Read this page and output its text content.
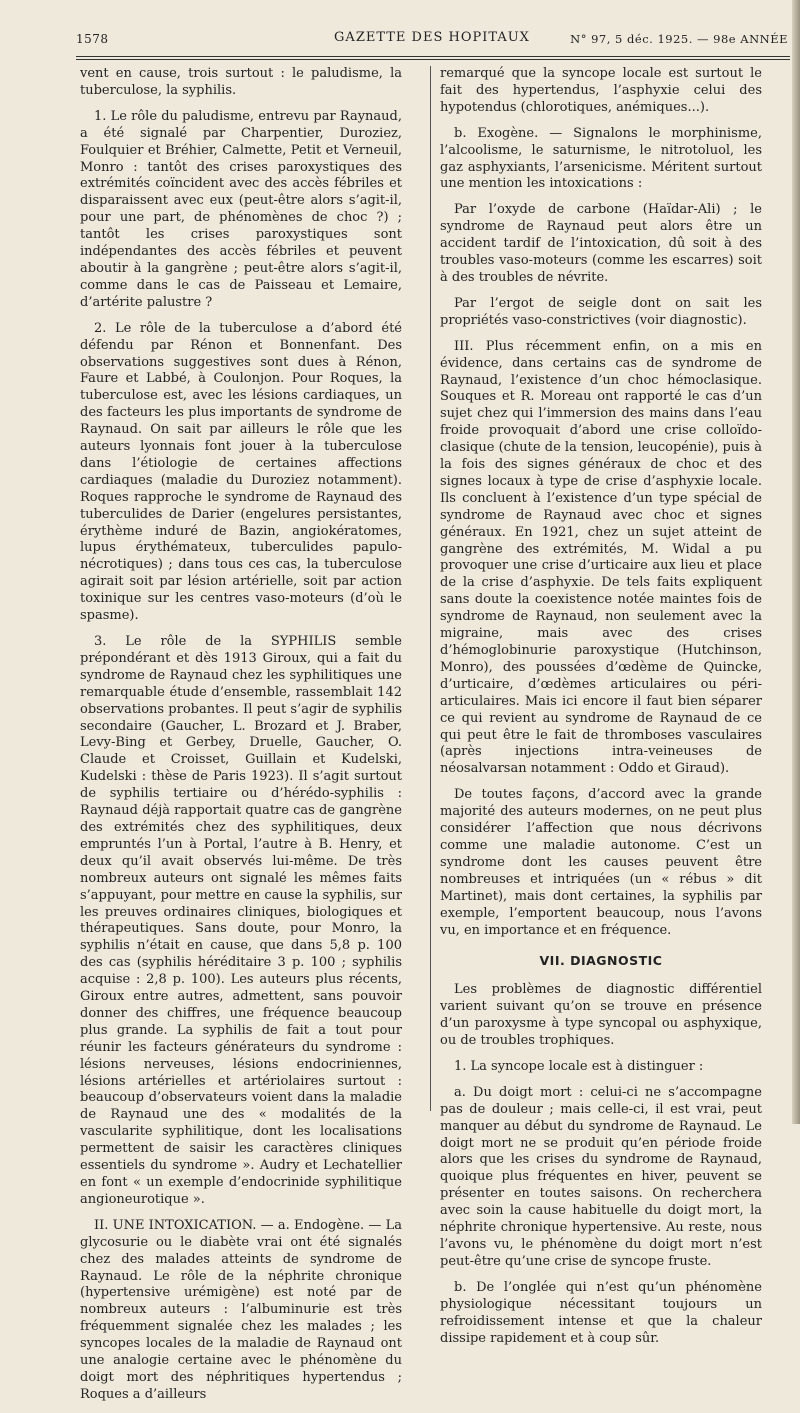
1578	GAZETTE DES HOPITAUX	N° 97, 5 déc. 1925. — 98e ANNÉE

vent en cause, trois surtout : le paludisme, la tuberculose, la syphilis.

1. Le rôle du paludisme, entrevu par Raynaud, a été signalé par Charpentier, Duroziez, Foulquier et Bréhier, Calmette, Petit et Verneuil, Monro : tantôt des crises paroxystiques des extrémités coïncident avec des accès fébriles et disparaissent avec eux (peut-être alors s’agit-il, pour une part, de phénomènes de choc ?) ; tantôt les crises paroxystiques sont indépendantes des accès fébriles et peuvent aboutir à la gangrène ; peut-être alors s’agit-il, comme dans le cas de Paisseau et Lemaire, d’artérite palustre ?

2. Le rôle de la tuberculose a d’abord été défendu par Rénon et Bonnenfant. Des observations suggestives sont dues à Rénon, Faure et Labbé, à Coulonjon. Pour Roques, la tuberculose est, avec les lésions cardiaques, un des facteurs les plus importants de syndrome de Raynaud. On sait par ailleurs le rôle que les auteurs lyonnais font jouer à la tuberculose dans l’étiologie de certaines affections cardiaques (maladie du Duroziez notamment). Roques rapproche le syndrome de Raynaud des tuberculides de Darier (engelures persistantes, érythème induré de Bazin, angiokératomes, lupus érythémateux, tuberculides papulo-nécrotiques) ; dans tous ces cas, la tuberculose agirait soit par lésion artérielle, soit par action toxinique sur les centres vaso-moteurs (d’où le spasme).

3. Le rôle de la SYPHILIS semble prépondérant et dès 1913 Giroux, qui a fait du syndrome de Raynaud chez les syphilitiques une remarquable étude d’ensemble, rassemblait 142 observations probantes. Il peut s’agir de syphilis secondaire (Gaucher, L. Brozard et J. Braber, Levy-Bing et Gerbey, Druelle, Gaucher, O. Claude et Croisset, Guillain et Kudelski, Kudelski : thèse de Paris 1923). Il s’agit surtout de syphilis tertiaire ou d’hérédo-syphilis : Raynaud déjà rapportait quatre cas de gangrène des extrémités chez des syphilitiques, deux empruntés l’un à Portal, l’autre à B. Henry, et deux qu’il avait observés lui-même. De très nombreux auteurs ont signalé les mêmes faits s’appuyant, pour mettre en cause la syphilis, sur les preuves ordinaires cliniques, biologiques et thérapeutiques. Sans doute, pour Monro, la syphilis n’était en cause, que dans 5,8 p. 100 des cas (syphilis héréditaire 3 p. 100 ; syphilis acquise : 2,8 p. 100). Les auteurs plus récents, Giroux entre autres, admettent, sans pouvoir donner des chiffres, une fréquence beaucoup plus grande. La syphilis de fait a tout pour réunir les facteurs générateurs du syndrome : lésions nerveuses, lésions endocriniennes, lésions artérielles et artériolaires surtout : beaucoup d’observateurs voient dans la maladie de Raynaud une des « modalités de la vascularite syphilitique, dont les localisations permettent de saisir les caractères cliniques essentiels du syndrome ». Audry et Lechatellier en font « un exemple d’endocrinide syphilitique angioneurotique ».

II. UNE INTOXICATION. — a. Endogène. — La glycosurie ou le diabète vrai ont été signalés chez des malades atteints de syndrome de Raynaud. Le rôle de la néphrite chronique (hypertensive urémigène) est noté par de nombreux auteurs : l’albuminurie est très fréquemment signalée chez les malades ; les syncopes locales de la maladie de Raynaud ont une analogie certaine avec le phénomène du doigt mort des néphritiques hypertendus ; Roques a d’ailleurs

remarqué que la syncope locale est surtout le fait des hypertendus, l’asphyxie celui des hypotendus (chlorotiques, anémiques...).

b. Exogène. — Signalons le morphinisme, l’alcoolisme, le saturnisme, le nitrotoluol, les gaz asphyxiants, l’arsenicisme. Méritent surtout une mention les intoxications :

Par l’oxyde de carbone (Haïdar-Ali) ; le syndrome de Raynaud peut alors être un accident tardif de l’intoxication, dû soit à des troubles vaso-moteurs (comme les escarres) soit à des troubles de névrite.

Par l’ergot de seigle dont on sait les propriétés vaso-constrictives (voir diagnostic).

III. Plus récemment enfin, on a mis en évidence, dans certains cas de syndrome de Raynaud, l’existence d’un choc hémoclasique. Souques et R. Moreau ont rapporté le cas d’un sujet chez qui l’immersion des mains dans l’eau froide provoquait d’abord une crise colloïdo-clasique (chute de la tension, leucopénie), puis à la fois des signes généraux de choc et des signes locaux à type de crise d’asphyxie locale. Ils concluent à l’existence d’un type spécial de syndrome de Raynaud avec choc et signes généraux. En 1921, chez un sujet atteint de gangrène des extrémités, M. Widal a pu provoquer une crise d’urticaire aux lieu et place de la crise d’asphyxie. De tels faits expliquent sans doute la coexistence notée maintes fois de syndrome de Raynaud, non seulement avec la migraine, mais avec des crises d’hémoglobinurie paroxystique (Hutchinson, Monro), des poussées d’œdème de Quincke, d’urticaire, d’œdèmes articulaires ou péri-articulaires. Mais ici encore il faut bien séparer ce qui revient au syndrome de Raynaud de ce qui peut être le fait de thromboses vasculaires (après injections intra-veineuses de néosalvarsan notamment : Oddo et Giraud).

De toutes façons, d’accord avec la grande majorité des auteurs modernes, on ne peut plus considérer l’affection que nous décrivons comme une maladie autonome. C’est un syndrome dont les causes peuvent être nombreuses et intriquées (un « rébus » dit Martinet), mais dont certaines, la syphilis par exemple, l’emportent beaucoup, nous l’avons vu, en importance et en fréquence.

VII. DIAGNOSTIC

Les problèmes de diagnostic différentiel varient suivant qu’on se trouve en présence d’un paroxysme à type syncopal ou asphyxique, ou de troubles trophiques.

1. La syncope locale est à distinguer :

a. Du doigt mort : celui-ci ne s’accompagne pas de douleur ; mais celle-ci, il est vrai, peut manquer au début du syndrome de Raynaud. Le doigt mort ne se produit qu’en période froide alors que les crises du syndrome de Raynaud, quoique plus fréquentes en hiver, peuvent se présenter en toutes saisons. On recherchera avec soin la cause habituelle du doigt mort, la néphrite chronique hypertensive. Au reste, nous l’avons vu, le phénomène du doigt mort n’est peut-être qu’une crise de syncope fruste.

b. De l’onglée qui n’est qu’un phénomène physiologique nécessitant toujours un refroidissement intense et que la chaleur dissipe rapidement et à coup sûr.
